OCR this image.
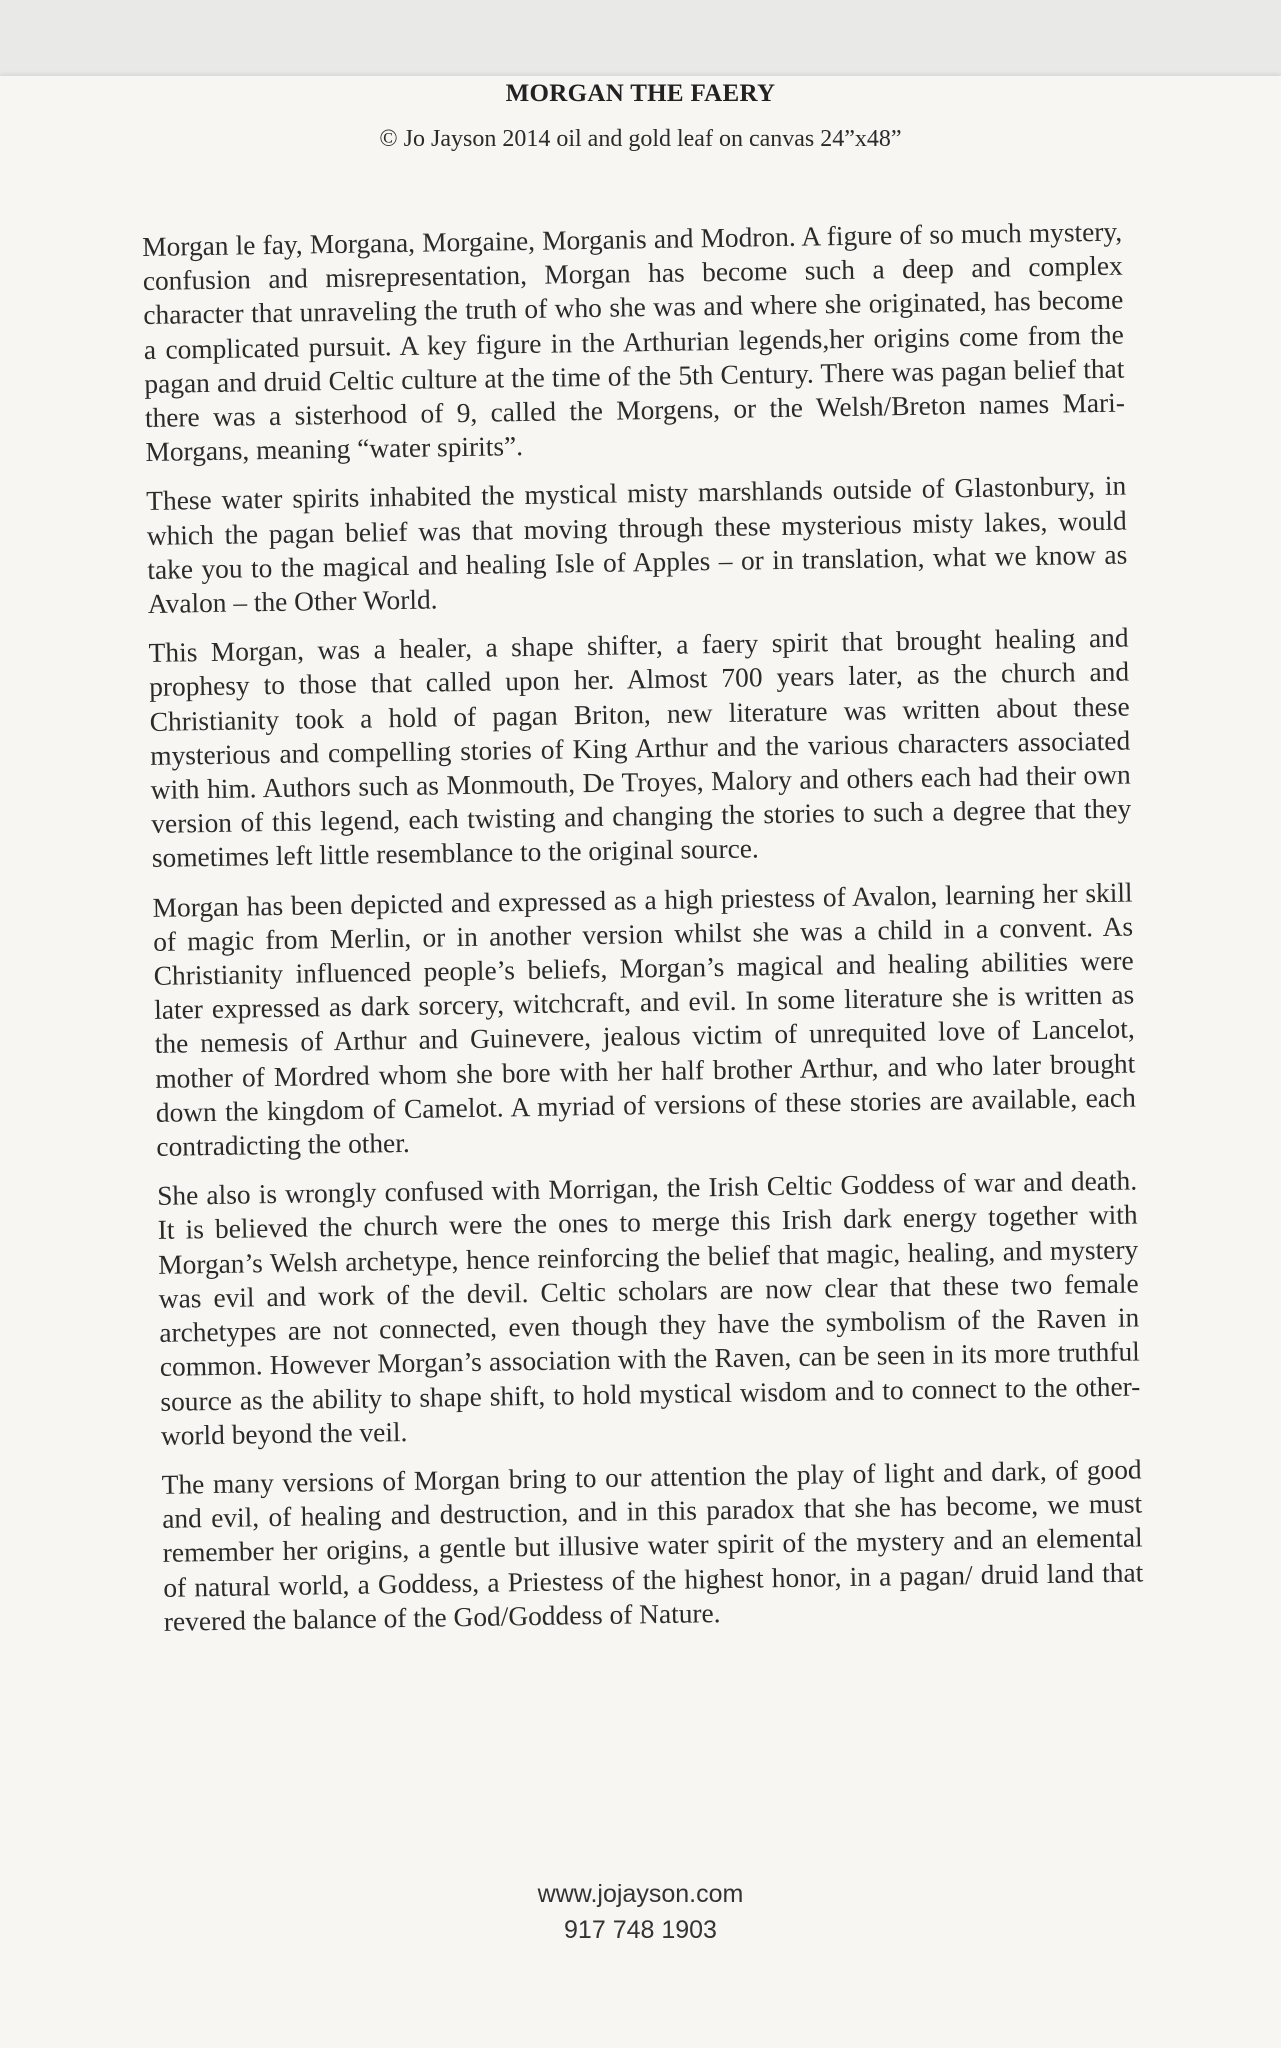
MORGAN THE FAERY
© Jo Jayson 2014 oil and gold leaf on canvas 24”x48”

Morgan le fay, Morgana, Morgaine, Morganis and Modron. A figure of so much mystery, confusion and misrepresentation, Morgan has become such a deep and complex character that unraveling the truth of who she was and where she originated, has become a complicated pursuit. A key figure in the Arthurian legends,her origins come from the pagan and druid Celtic culture at the time of the 5th Century. There was pagan belief that there was a sisterhood of 9, called the Morgens, or the Welsh/Breton names Mari-Morgans, meaning “water spirits”.

These water spirits inhabited the mystical misty marshlands outside of Glastonbury, in which the pagan belief was that moving through these mysterious misty lakes, would take you to the magical and healing Isle of Apples – or in translation, what we know as Avalon – the Other World.

This Morgan, was a healer, a shape shifter, a faery spirit that brought healing and prophesy to those that called upon her. Almost 700 years later, as the church and Christianity took a hold of pagan Briton, new literature was written about these mysterious and compelling stories of King Arthur and the various characters associated with him. Authors such as Monmouth, De Troyes, Malory and others each had their own version of this legend, each twisting and changing the stories to such a degree that they sometimes left little resemblance to the original source.

Morgan has been depicted and expressed as a high priestess of Avalon, learning her skill of magic from Merlin, or in another version whilst she was a child in a convent. As Christianity influenced people’s beliefs, Morgan’s magical and healing abilities were later expressed as dark sorcery, witchcraft, and evil. In some literature she is written as the nemesis of Arthur and Guinevere, jealous victim of unrequited love of Lancelot, mother of Mordred whom she bore with her half brother Arthur, and who later brought down the kingdom of Camelot. A myriad of versions of these stories are available, each contradicting the other.

She also is wrongly confused with Morrigan, the Irish Celtic Goddess of war and death. It is believed the church were the ones to merge this Irish dark energy together with Morgan’s Welsh archetype, hence reinforcing the belief that magic, healing, and mystery was evil and work of the devil. Celtic scholars are now clear that these two female archetypes are not connected, even though they have the symbolism of the Raven in common. However Morgan’s association with the Raven, can be seen in its more truthful source as the ability to shape shift, to hold mystical wisdom and to connect to the other-world beyond the veil.

The many versions of Morgan bring to our attention the play of light and dark, of good and evil, of healing and destruction, and in this paradox that she has become, we must remember her origins, a gentle but illusive water spirit of the mystery and an elemental of natural world, a Goddess, a Priestess of the highest honor, in a pagan/ druid land that revered the balance of the God/Goddess of Nature.

www.jojayson.com
917 748 1903
